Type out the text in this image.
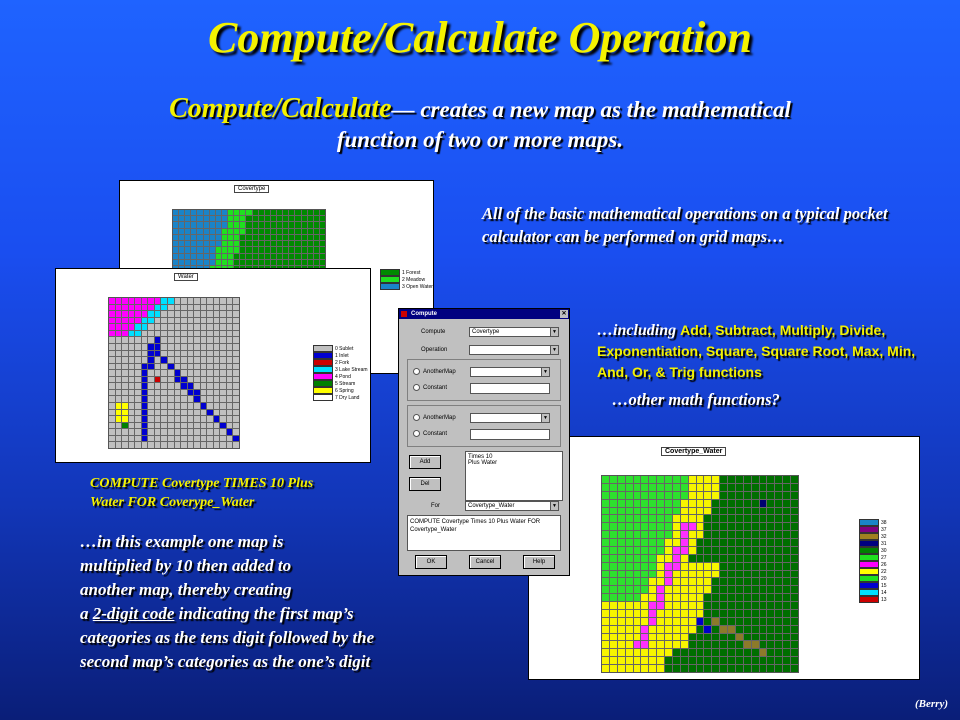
Compute/Calculate Operation
Compute/Calculate— creates a new map as the mathematical
function of two or more maps.
Covertype
1 Forest
2 Meadow
3 Open Water
Water
0 Sublet
1 Inlet
2 Fork
3 Lake Stream
4 Pond
5 Stream
6 Spring
7 Dry Land
Covertype_Water
38
37
32
31
30
27
26
22
20
15
14
13
Compute	✕
Compute	Covertype	▼
Operation	▼
AnotherMap	▼
Constant
AnotherMap	▼
Constant
Add
Del
Times 10
Plus Water
For	Covertype_Water	▼
COMPUTE Covertype Times 10 Plus Water FOR Covertype_Water
OK	Cancel	Help
All of the basic mathematical operations on a typical pocket calculator can be performed on grid maps…
…including Add, Subtract, Multiply, Divide, Exponentiation, Square, Square Root, Max, Min, And, Or, & Trig functions
…other math functions?
COMPUTE Covertype TIMES 10 Plus
Water FOR Coverype_Water
…in this example one map is
multiplied by 10 then added to
another map, thereby creating
a 2-digit code indicating the first map’s
categories as the tens digit followed by the
second map’s categories as the one’s digit
(Berry)
